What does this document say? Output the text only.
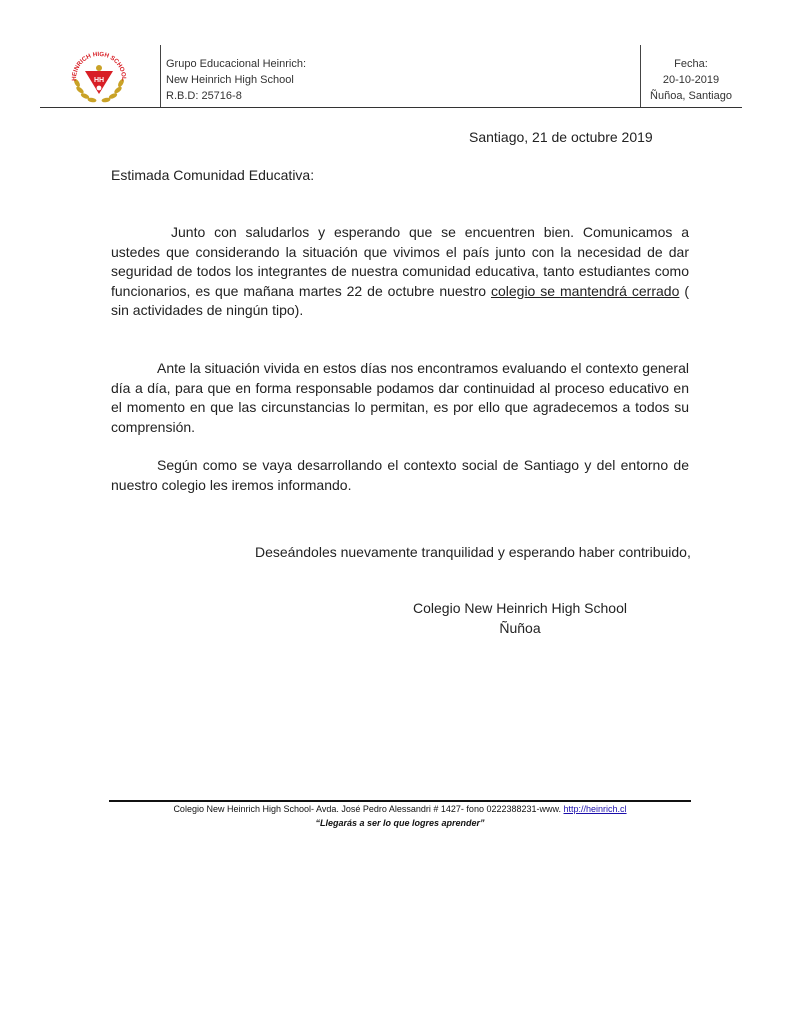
HEINRICH HIGH SCHOOL
HH
Grupo Educacional Heinrich:
New Heinrich High School
R.B.D: 25716-8
Fecha:
20-10-2019
Ñuñoa, Santiago
Santiago, 21 de octubre 2019
Estimada Comunidad Educativa:
Junto con saludarlos y esperando que se encuentren bien. Comunicamos a ustedes que considerando la situación que vivimos el país junto con la necesidad de dar seguridad de todos los integrantes de nuestra comunidad educativa, tanto estudiantes como funcionarios, es que mañana martes 22 de octubre nuestro colegio se mantendrá cerrado ( sin actividades de ningún tipo).
Ante la situación vivida en estos días nos encontramos evaluando el contexto general día a día, para que en forma responsable podamos dar continuidad al proceso educativo en el momento en que las circunstancias lo permitan, es por ello que agradecemos a todos su comprensión.
Según como se vaya desarrollando el contexto social de Santiago y del entorno de nuestro colegio les iremos informando.
Deseándoles nuevamente tranquilidad y esperando haber contribuido,
Colegio New Heinrich High School
Ñuñoa
Colegio New Heinrich High School- Avda. José Pedro Alessandri # 1427- fono 0222388231-www. http://heinrich.cl
“Llegarás a ser lo que logres aprender”
